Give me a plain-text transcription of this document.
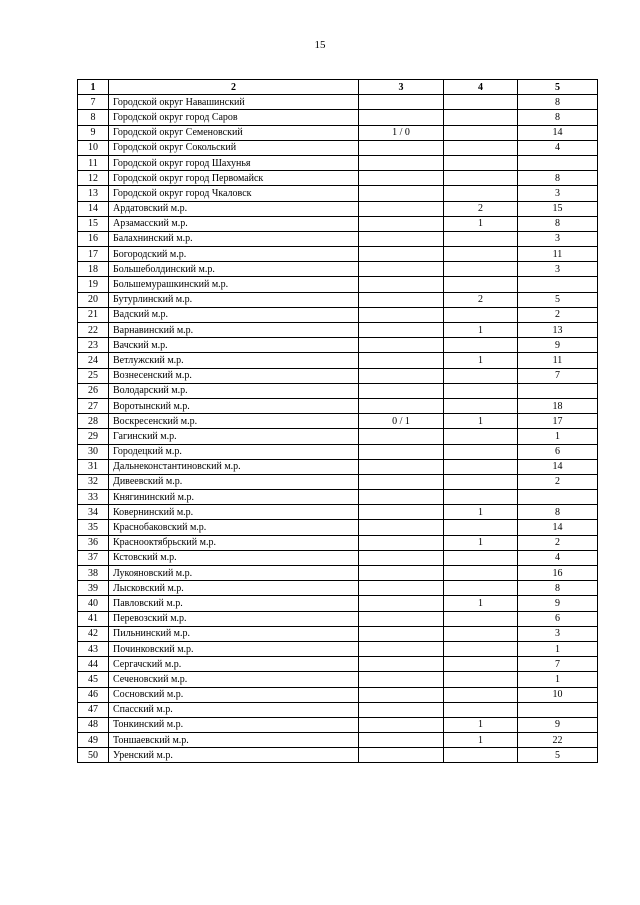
15
1	2	3	4	5
7	Городской округ Навашинский			8
8	Городской округ город Саров			8
9	Городской округ Семеновский	1 / 0		14
10	Городской округ Сокольский			4
11	Городской округ город Шахунья			
12	Городской округ город Первомайск			8
13	Городской округ город Чкаловск			3
14	Ардатовский м.р.		2	15
15	Арзамасский м.р.		1	8
16	Балахнинский м.р.			3
17	Богородский м.р.			11
18	Большеболдинский м.р.			3
19	Большемурашкинский м.р.			
20	Бутурлинский м.р.		2	5
21	Вадский м.р.			2
22	Варнавинский м.р.		1	13
23	Вачский м.р.			9
24	Ветлужский м.р.		1	11
25	Вознесенский м.р.			7
26	Володарский м.р.			
27	Воротынский м.р.			18
28	Воскресенский м.р.	0 / 1	1	17
29	Гагинский м.р.			1
30	Городецкий м.р.			6
31	Дальнеконстантиновский м.р.			14
32	Дивеевский м.р.			2
33	Княгининский м.р.			
34	Ковернинский м.р.		1	8
35	Краснобаковский м.р.			14
36	Краснооктябрьский м.р.		1	2
37	Кстовский м.р.			4
38	Лукояновский м.р.			16
39	Лысковский м.р.			8
40	Павловский м.р.		1	9
41	Перевозский м.р.			6
42	Пильнинский м.р.			3
43	Починковский м.р.			1
44	Сергачский м.р.			7
45	Сеченовский м.р.			1
46	Сосновский м.р.			10
47	Спасский м.р.			
48	Тонкинский м.р.		1	9
49	Тоншаевский м.р.		1	22
50	Уренский м.р.			5
